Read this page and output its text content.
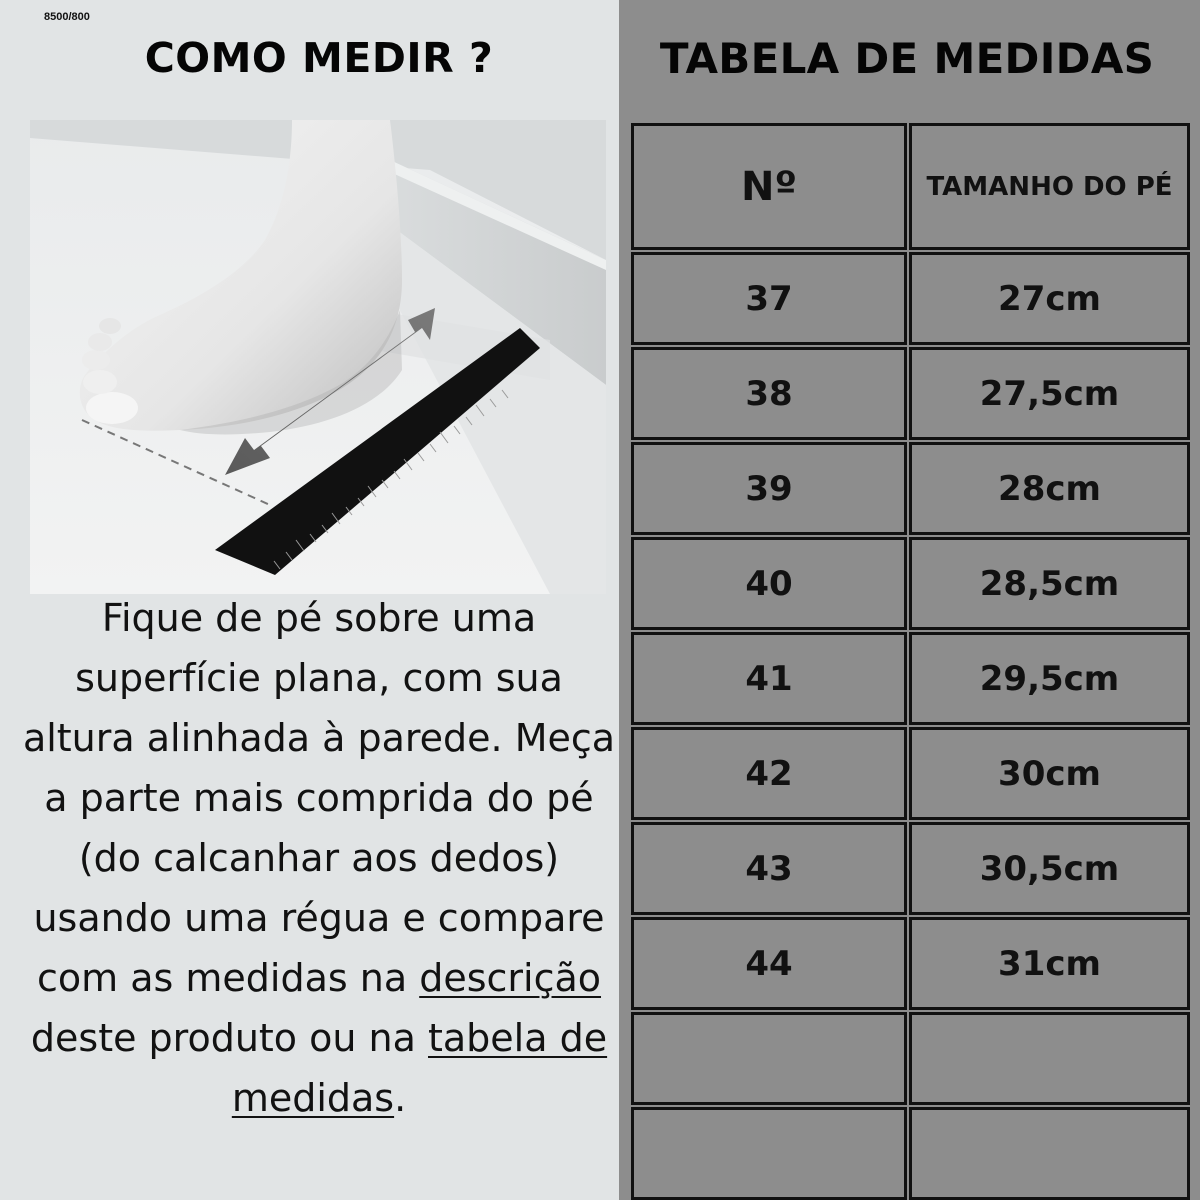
8500/800
COMO MEDIR ?
Fique de pé sobre uma superfície plana, com sua altura alinhada à parede. Meça a parte mais comprida do pé (do calcanhar aos dedos) usando uma régua e compare com as medidas na descrição deste produto ou na tabela de medidas.
TABELA DE MEDIDAS
Nº	TAMANHO DO PÉ
37	27cm
38	27,5cm
39	28cm
40	28,5cm
41	29,5cm
42	30cm
43	30,5cm
44	31cm
